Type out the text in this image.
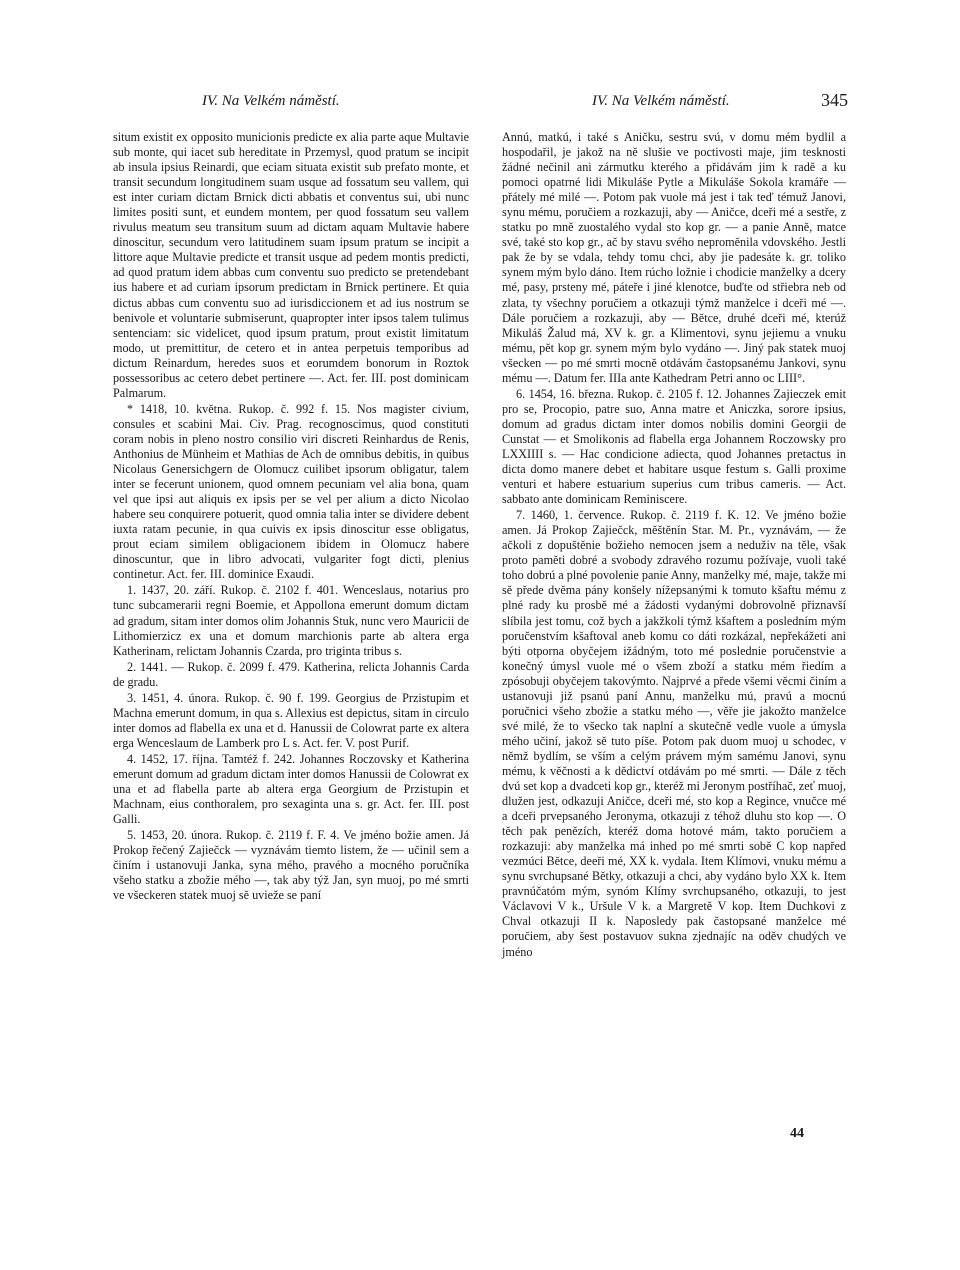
IV. Na Velkém náměstí.	IV. Na Velkém náměstí.	345

situm existit ex opposito municionis predicte ex alia parte aque Multavie sub monte, qui iacet sub hereditate in Przemysl, quod pratum se incipit ab insula ipsius Reinardi, que eciam situata existit sub prefato monte, et transit secundum longitudinem suam usque ad fossatum seu vallem, qui est inter curiam dictam Brnick dicti abbatis et conventus sui, ubi nunc limites positi sunt, et eundem montem, per quod fossatum seu vallem rivulus meatum seu transitum suum ad dictam aquam Multavie habere dinoscitur, secundum vero latitudinem suam ipsum pratum se incipit a littore aque Multavie predicte et transit usque ad pedem montis predicti, ad quod pratum idem abbas cum conventu suo predicto se pretendebant ius habere et ad curiam ipsorum predictam in Brnick pertinere. Et quia dictus abbas cum conventu suo ad iurisdiccionem et ad ius nostrum se benivole et voluntarie submiserunt, quapropter inter ipsos talem tulimus sentenciam: sic videlicet, quod ipsum pratum, prout existit limitatum modo, ut premittitur, de cetero et in antea perpetuis temporibus ad dictum Reinardum, heredes suos et eorumdem bonorum in Roztok possessoribus ac cetero debet pertinere —. Act. fer. III. post dominicam Palmarum.

* 1418, 10. května. Rukop. č. 992 f. 15. Nos magister civium, consules et scabini Mai. Civ. Prag. recognoscimus, quod constituti coram nobis in pleno nostro consilio viri discreti Reinhardus de Renis, Anthonius de Münheim et Mathias de Ach de omnibus debitis, in quibus Nicolaus Genersichgern de Olomucz cuilibet ipsorum obligatur, talem inter se fecerunt unionem, quod omnem pecuniam vel alia bona, quam vel que ipsi aut aliquis ex ipsis per se vel per alium a dicto Nicolao habere seu conquirere potuerit, quod omnia talia inter se dividere debent iuxta ratam pecunie, in qua cuivis ex ipsis dinoscitur esse obligatus, prout eciam similem obligacionem ibidem in Olomucz habere dinoscuntur, que in libro advocati, vulgariter fogt dicti, plenius continetur. Act. fer. III. dominice Exaudi.

1. 1437, 20. září. Rukop. č. 2102 f. 401. Wenceslaus, notarius pro tunc subcamerarii regni Boemie, et Appollona emerunt domum dictam ad gradum, sitam inter domos olim Johannis Stuk, nunc vero Mauricii de Lithomierzicz ex una et domum marchionis parte ab altera erga Katherinam, relictam Johannis Czarda, pro triginta tribus s.

2. 1441. — Rukop. č. 2099 f. 479. Katherina, relicta Johannis Carda de gradu.

3. 1451, 4. února. Rukop. č. 90 f. 199. Georgius de Przistupim et Machna emerunt domum, in qua s. Allexius est depictus, sitam in circulo inter domos ad flabella ex una et d. Hanussii de Colowrat parte ex altera erga Wenceslaum de Lamberk pro L s. Act. fer. V. post Purif.

4. 1452, 17. října. Tamtéž f. 242. Johannes Roczovsky et Katherina emerunt domum ad gradum dictam inter domos Hanussii de Colowrat ex una et ad flabella parte ab altera erga Georgium de Przistupin et Machnam, eius conthoralem, pro sexaginta una s. gr. Act. fer. III. post Galli.

5. 1453, 20. února. Rukop. č. 2119 f. F. 4. Ve jméno božie amen. Já Prokop řečený Zajiečck — vyznávám tiemto listem, že — učinil sem a činím i ustanovuji Janka, syna mého, pravého a mocného poručníka všeho statku a zbožie mého —, tak aby týž Jan, syn muoj, po mé smrti ve všeckeren statek muoj sě uvieže se paní

Annú, matkú, i také s Aničku, sestru svú, v domu mém bydlil a hospodařil, je jakož na ně slušie ve poctivosti maje, jim tesknosti žádné nečinil ani zármutku kterého a přidávám jim k radě a ku pomoci opatrné lidi Mikuláše Pytle a Mikuláše Sokola kramáře — přátely mé milé —. Potom pak vuole má jest i tak teď témuž Janovi, synu mému, poručiem a rozkazuji, aby — Aničce, dceři mé a sestře, z statku po mně zuostalého vydal sto kop gr. — a panie Anně, matce své, také sto kop gr., ač by stavu svého neproměnila vdovského. Jestli pak že by se vdala, tehdy tomu chci, aby jie padesáte k. gr. toliko synem mým bylo dáno. Item rúcho ložnie i chodicie manželky a dcery mé, pasy, prsteny mé, páteře i jiné klenotce, buďte od střiebra neb od zlata, ty všechny poručiem a otkazuji týmž manželce i dceři mé —. Dále poručiem a rozkazuji, aby — Bětce, druhé dceři mé, kterúž Mikuláš Žalud má, XV k. gr. a Klimentovi, synu jejiemu a vnuku mému, pět kop gr. synem mým bylo vydáno —. Jiný pak statek muoj všecken — po mé smrti mocně otdávám častopsanému Jankovi, synu mému —. Datum fer. IIIa ante Kathedram Petri anno oc LIII°.

6. 1454, 16. března. Rukop. č. 2105 f. 12. Johannes Zajieczek emit pro se, Procopio, patre suo, Anna matre et Aniczka, sorore ipsius, domum ad gradus dictam inter domos nobilis domini Georgii de Cunstat — et Smolikonis ad flabella erga Johannem Roczowsky pro LXXIIII s. — Hac condicione adiecta, quod Johannes pretactus in dicta domo manere debet et habitare usque festum s. Galli proxime venturi et habere estuarium superius cum tribus cameris. — Act. sabbato ante dominicam Reminiscere.

7. 1460, 1. července. Rukop. č. 2119 f. K. 12. Ve jméno božie amen. Já Prokop Zajiečck, měštěnín Star. M. Pr., vyznávám, — že ačkoli z dopuštěnie božieho nemocen jsem a neduživ na těle, však proto paměti dobré a svobody zdravého rozumu požívaje, vuoli také toho dobrú a plné povolenie panie Anny, manželky mé, maje, takže mi sě přede dvěma pány konšely nížepsanými k tomuto kšaftu mému z plné rady ku prosbě mé a žádosti vydanými dobrovolně přiznavší slíbila jest tomu, což bych a jakžkoli týmž kšaftem a posledním mým poručenstvím kšaftoval aneb komu co dáti rozkázal, nepřekážeti ani býti otporna obyčejem ižádným, toto mé poslednie poručenstvie a konečný úmysl vuole mé o všem zboží a statku mém řiedím a zpósobuji obyčejem takovýmto. Najprvé a přede všemi věcmi činím a ustanovuji již psanú paní Annu, manželku mú, pravú a mocnú poručnici všeho zbožie a statku mého —, věře jie jakožto manželce své milé, že to všecko tak naplní a skutečně vedle vuole a úmysla mého učiní, jakož sě tuto píše. Potom pak duom muoj u schodec, v němž bydlím, se vším a celým právem mým samému Janovi, synu mému, k věčnosti a k dědictví otdávám po mé smrti. — Dále z těch dvú set kop a dvadceti kop gr., kteréž mi Jeronym postříhač, zeť muoj, dlužen jest, odkazuji Aničce, dceři mé, sto kop a Regince, vnučce mé a dceři prvepsaného Jeronyma, otkazuji z téhož dluhu sto kop —. O těch pak penězích, kteréž doma hotové mám, takto poručiem a rozkazuji: aby manželka má inhed po mé smrti sobě C kop napřed vezmúci Bětce, deeři mé, XX k. vydala. Item Klímovi, vnuku mému a synu svrchupsané Bětky, otkazuji a chci, aby vydáno bylo XX k. Item pravnúčatóm mým, synóm Klímy svrchupsaného, otkazuji, to jest Václavovi V k., Uršule V k. a Margretě V kop. Item Duchkovi z Chval otkazuji II k. Naposledy pak častopsané manželce mé poručiem, aby šest postavuov sukna zjednajíc na oděv chudých ve jméno

44
